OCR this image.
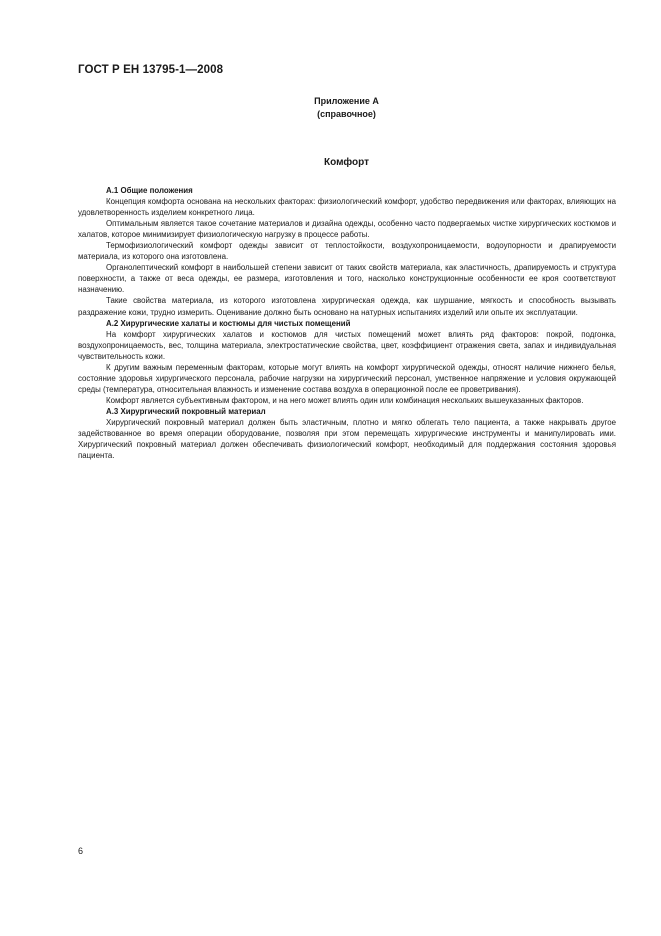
ГОСТ Р ЕН 13795-1—2008
Приложение А
(справочное)
Комфорт
А.1 Общие положения

Концепция комфорта основана на нескольких факторах: физиологический комфорт, удобство передвижения или факторах, влияющих на удовлетворенность изделием конкретного лица.

Оптимальным является такое сочетание материалов и дизайна одежды, особенно часто подвергаемых чистке хирургических костюмов и халатов, которое минимизирует физиологическую нагрузку в процессе работы.

Термофизиологический комфорт одежды зависит от теплостойкости, воздухопроницаемости, водоупорности и драпируемости материала, из которого она изготовлена.

Органолептический комфорт в наибольшей степени зависит от таких свойств материала, как эластичность, драпируемость и структура поверхности, а также от веса одежды, ее размера, изготовления и того, насколько конструкционные особенности ее кроя соответствуют назначению.

Такие свойства материала, из которого изготовлена хирургическая одежда, как шуршание, мягкость и способность вызывать раздражение кожи, трудно измерить. Оценивание должно быть основано на натурных испытаниях изделий или опыте их эксплуатации.

А.2 Хирургические халаты и костюмы для чистых помещений

На комфорт хирургических халатов и костюмов для чистых помещений может влиять ряд факторов: покрой, подгонка, воздухопроницаемость, вес, толщина материала, электростатические свойства, цвет, коэффициент отражения света, запах и индивидуальная чувствительность кожи.

К другим важным переменным факторам, которые могут влиять на комфорт хирургической одежды, относят наличие нижнего белья, состояние здоровья хирургического персонала, рабочие нагрузки на хирургический персонал, умственное напряжение и условия окружающей среды (температура, относительная влажность и изменение состава воздуха в операционной после ее проветривания).

Комфорт является субъективным фактором, и на него может влиять один или комбинация нескольких вышеуказанных факторов.

А.3 Хирургический покровный материал

Хирургический покровный материал должен быть эластичным, плотно и мягко облегать тело пациента, а также накрывать другое задействованное во время операции оборудование, позволяя при этом перемещать хирургические инструменты и манипулировать ими. Хирургический покровный материал должен обеспечивать физиологический комфорт, необходимый для поддержания состояния здоровья пациента.

6
